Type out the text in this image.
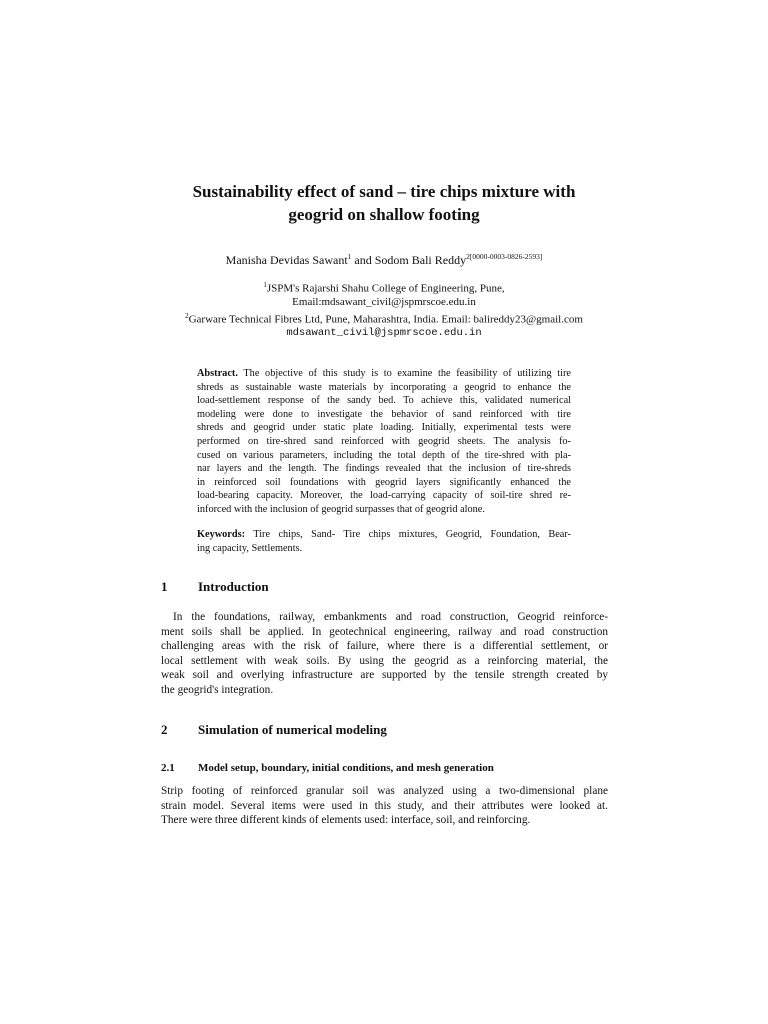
Sustainability effect of sand – tire chips mixture with
geogrid on shallow footing
Manisha Devidas Sawant$^1$ and Sodom Bali Reddy$^{2[0000-0003-0826-2593]}$
$^1$JSPM's Rajarshi Shahu College of Engineering, Pune,
Email:mdsawant_civil@jspmrscoe.edu.in
$^2$Garware Technical Fibres Ltd, Pune, Maharashtra, India. Email: balireddy23@gmail.com
mdsawant_civil@jspmrscoe.edu.in
Abstract. The objective of this study is to examine the feasibility of utilizing tire
shreds as sustainable waste materials by incorporating a geogrid to enhance the
load-settlement response of the sandy bed. To achieve this, validated numerical
modeling were done to investigate the behavior of sand reinforced with tire
shreds and geogrid under static plate loading. Initially, experimental tests were
performed on tire-shred sand reinforced with geogrid sheets. The analysis fo-
cused on various parameters, including the total depth of the tire-shred with pla-
nar layers and the length. The findings revealed that the inclusion of tire-shreds
in reinforced soil foundations with geogrid layers significantly enhanced the
load-bearing capacity. Moreover, the load-carrying capacity of soil-tire shred re-
inforced with the inclusion of geogrid surpasses that of geogrid alone.
Keywords: Tire chips, Sand- Tire chips mixtures, Geogrid, Foundation, Bear-
ing capacity, Settlements.
1 Introduction
In the foundations, railway, embankments and road construction, Geogrid reinforce-
ment soils shall be applied. In geotechnical engineering, railway and road construction
challenging areas with the risk of failure, where there is a differential settlement, or
local settlement with weak soils. By using the geogrid as a reinforcing material, the
weak soil and overlying infrastructure are supported by the tensile strength created by
the geogrid's integration.
2 Simulation of numerical modeling
2.1 Model setup, boundary, initial conditions, and mesh generation
Strip footing of reinforced granular soil was analyzed using a two-dimensional plane
strain model. Several items were used in this study, and their attributes were looked at.
There were three different kinds of elements used: interface, soil, and reinforcing.
